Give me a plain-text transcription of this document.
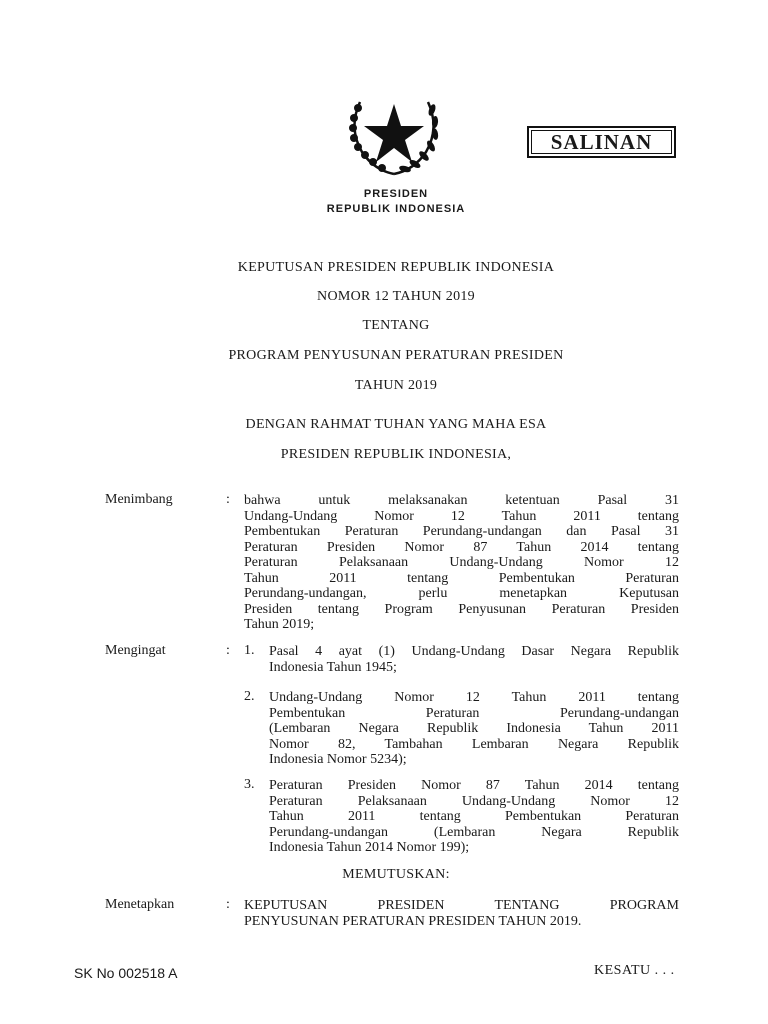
SALINAN
PRESIDEN
REPUBLIK INDONESIA
KEPUTUSAN PRESIDEN REPUBLIK INDONESIA
NOMOR 12 TAHUN 2019
TENTANG
PROGRAM PENYUSUNAN PERATURAN PRESIDEN
TAHUN 2019
DENGAN RAHMAT TUHAN YANG MAHA ESA
PRESIDEN REPUBLIK INDONESIA,
Menimbang	: bahwa untuk melaksanakan ketentuan Pasal 31

Undang-Undang Nomor 12 Tahun 2011 tentang

Pembentukan Peraturan Perundang-undangan dan Pasal 31

Peraturan Presiden Nomor 87 Tahun 2014 tentang

Peraturan Pelaksanaan Undang-Undang Nomor 12

Tahun 2011 tentang Pembentukan Peraturan

Perundang-undangan, perlu menetapkan Keputusan

Presiden tentang Program Penyusunan Peraturan Presiden

Tahun 2019;

Mengingat	: 1. Pasal 4 ayat (1) Undang-Undang Dasar Negara Republik

Indonesia Tahun 1945;

2. Undang-Undang Nomor 12 Tahun 2011 tentang

Pembentukan Peraturan Perundang-undangan

(Lembaran Negara Republik Indonesia Tahun 2011

Nomor 82, Tambahan Lembaran Negara Republik

Indonesia Nomor 5234);

3. Peraturan Presiden Nomor 87 Tahun 2014 tentang

Peraturan Pelaksanaan Undang-Undang Nomor 12

Tahun 2011 tentang Pembentukan Peraturan

Perundang-undangan (Lembaran Negara Republik

Indonesia Tahun 2014 Nomor 199);

MEMUTUSKAN:
Menetapkan	: KEPUTUSAN PRESIDEN TENTANG PROGRAM

PENYUSUNAN PERATURAN PRESIDEN TAHUN 2019.

SK No 002518 A	KESATU . . .
